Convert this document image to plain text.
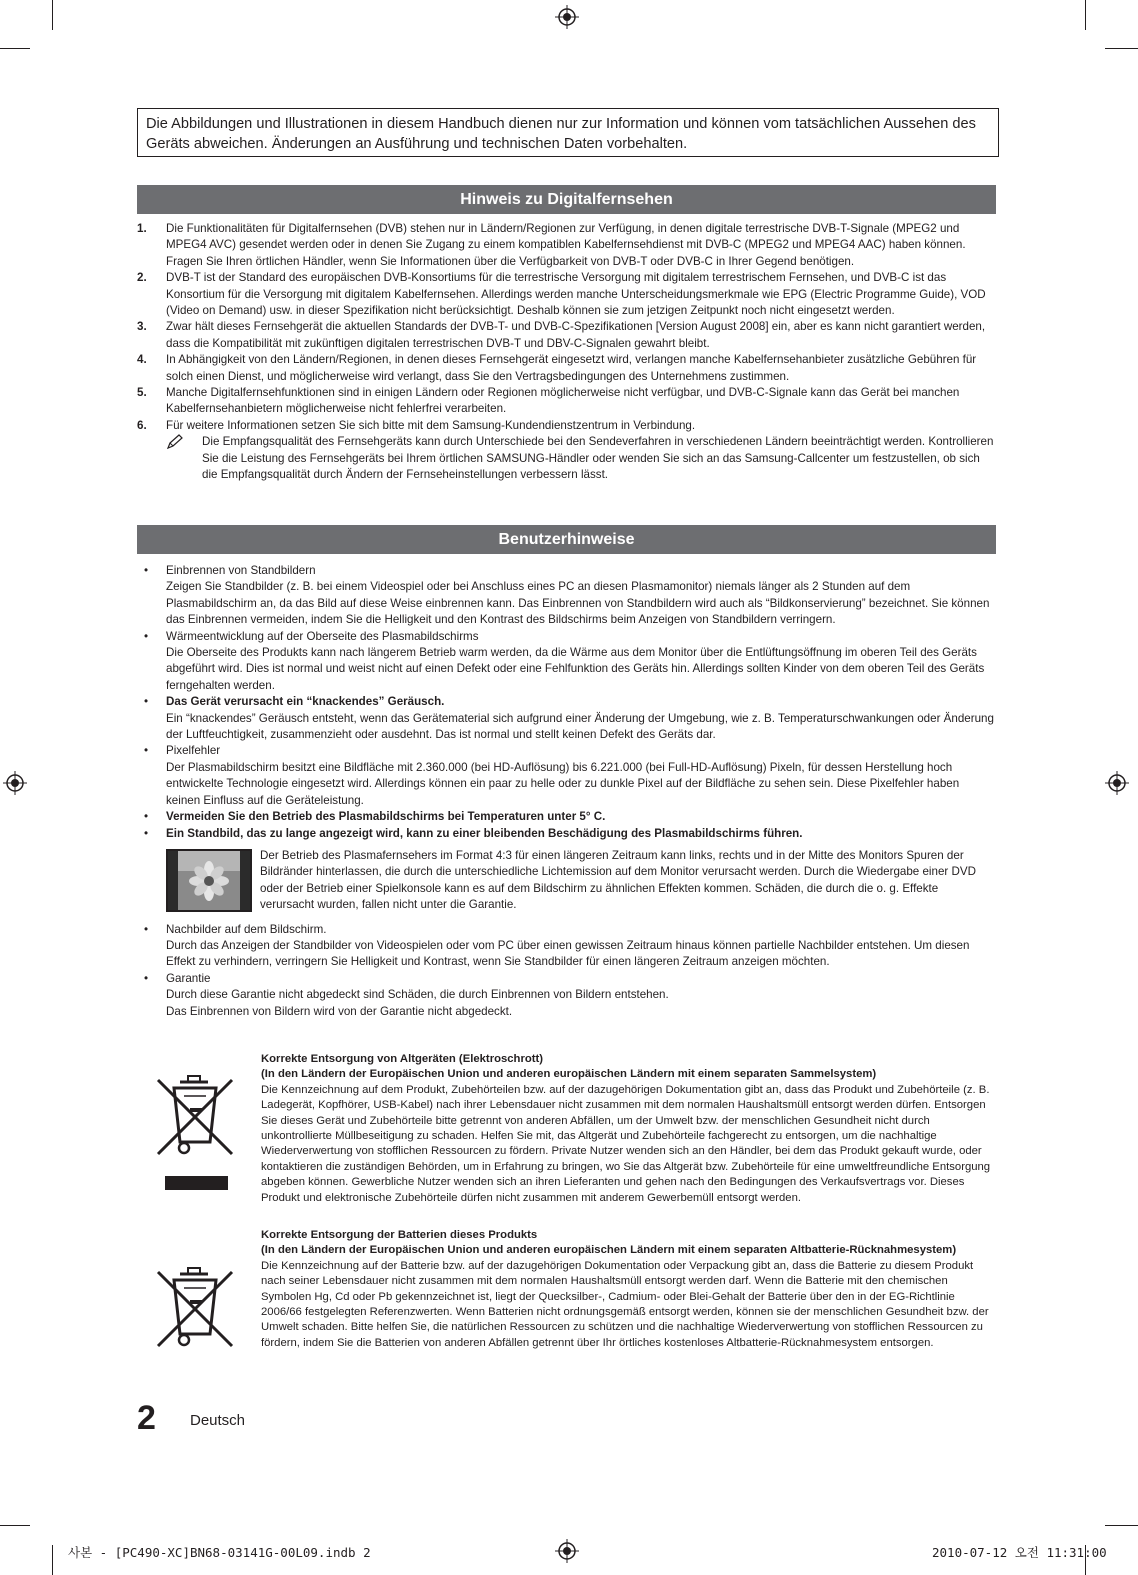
Die Abbildungen und Illustrationen in diesem Handbuch dienen nur zur Information und können vom tatsächlichen Aussehen des Geräts abweichen. Änderungen an Ausführung und technischen Daten vorbehalten.
Hinweis zu Digitalfernsehen
1.	Die Funktionalitäten für Digitalfernsehen (DVB) stehen nur in Ländern/Regionen zur Verfügung, in denen digitale terrestrische DVB-T-Signale (MPEG2 und MPEG4 AVC) gesendet werden oder in denen Sie Zugang zu einem kompatiblen Kabelfernsehdienst mit DVB-C (MPEG2 und MPEG4 AAC) haben können. Fragen Sie Ihren örtlichen Händler, wenn Sie Informationen über die Verfügbarkeit von DVB-T oder DVB-C in Ihrer Gegend benötigen.
2.	DVB-T ist der Standard des europäischen DVB-Konsortiums für die terrestrische Versorgung mit digitalem terrestrischem Fernsehen, und DVB-C ist das Konsortium für die Versorgung mit digitalem Kabelfernsehen. Allerdings werden manche Unterscheidungsmerkmale wie EPG (Electric Programme Guide), VOD (Video on Demand) usw. in dieser Spezifikation nicht berücksichtigt. Deshalb können sie zum jetzigen Zeitpunkt noch nicht eingesetzt werden.
3.	Zwar hält dieses Fernsehgerät die aktuellen Standards der DVB-T- und DVB-C-Spezifikationen [Version August 2008] ein, aber es kann nicht garantiert werden, dass die Kompatibilität mit zukünftigen digitalen terrestrischen DVB-T und DBV-C-Signalen gewahrt bleibt.
4.	In Abhängigkeit von den Ländern/Regionen, in denen dieses Fernsehgerät eingesetzt wird, verlangen manche Kabelfernsehanbieter zusätzliche Gebühren für solch einen Dienst, und möglicherweise wird verlangt, dass Sie den Vertragsbedingungen des Unternehmens zustimmen.
5.	Manche Digitalfernsehfunktionen sind in einigen Ländern oder Regionen möglicherweise nicht verfügbar, und DVB-C-Signale kann das Gerät bei manchen Kabelfernsehanbietern möglicherweise nicht fehlerfrei verarbeiten.
6.	Für weitere Informationen setzen Sie sich bitte mit dem Samsung-Kundendienstzentrum in Verbindung.
Die Empfangsqualität des Fernsehgeräts kann durch Unterschiede bei den Sendeverfahren in verschiedenen Ländern beeinträchtigt werden. Kontrollieren Sie die Leistung des Fernsehgeräts bei Ihrem örtlichen SAMSUNG-Händler oder wenden Sie sich an das Samsung-Callcenter um festzustellen, ob sich die Empfangsqualität durch Ändern der Fernseheinstellungen verbessern lässt.
Benutzerhinweise
•	Einbrennen von Standbildern
Zeigen Sie Standbilder (z. B. bei einem Videospiel oder bei Anschluss eines PC an diesen Plasmamonitor) niemals länger als 2 Stunden auf dem Plasmabildschirm an, da das Bild auf diese Weise einbrennen kann. Das Einbrennen von Standbildern wird auch als “Bildkonservierung” bezeichnet. Sie können das Einbrennen vermeiden, indem Sie die Helligkeit und den Kontrast des Bildschirms beim Anzeigen von Standbildern verringern.
•	Wärmeentwicklung auf der Oberseite des Plasmabildschirms
Die Oberseite des Produkts kann nach längerem Betrieb warm werden, da die Wärme aus dem Monitor über die Entlüftungsöffnung im oberen Teil des Geräts abgeführt wird. Dies ist normal und weist nicht auf einen Defekt oder eine Fehlfunktion des Geräts hin. Allerdings sollten Kinder von dem oberen Teil des Geräts ferngehalten werden.
•	Das Gerät verursacht ein “knackendes” Geräusch.
Ein “knackendes” Geräusch entsteht, wenn das Gerätematerial sich aufgrund einer Änderung der Umgebung, wie z. B. Temperaturschwankungen oder Änderung der Luftfeuchtigkeit, zusammenzieht oder ausdehnt. Das ist normal und stellt keinen Defekt des Geräts dar.
•	Pixelfehler
Der Plasmabildschirm besitzt eine Bildfläche mit 2.360.000 (bei HD-Auflösung) bis 6.221.000 (bei Full-HD-Auflösung) Pixeln, für dessen Herstellung hoch entwickelte Technologie eingesetzt wird. Allerdings können ein paar zu helle oder zu dunkle Pixel auf der Bildfläche zu sehen sein. Diese Pixelfehler haben keinen Einfluss auf die Geräteleistung.
•	Vermeiden Sie den Betrieb des Plasmabildschirms bei Temperaturen unter 5° C.
•	Ein Standbild, das zu lange angezeigt wird, kann zu einer bleibenden Beschädigung des Plasmabildschirms führen.
Der Betrieb des Plasmafernsehers im Format 4:3 für einen längeren Zeitraum kann links, rechts und in der Mitte des Monitors Spuren der Bildränder hinterlassen, die durch die unterschiedliche Lichtemission auf dem Monitor verursacht werden. Durch die Wiedergabe einer DVD oder der Betrieb einer Spielkonsole kann es auf dem Bildschirm zu ähnlichen Effekten kommen. Schäden, die durch die o. g. Effekte verursacht wurden, fallen nicht unter die Garantie.
•	Nachbilder auf dem Bildschirm.
Durch das Anzeigen der Standbilder von Videospielen oder vom PC über einen gewissen Zeitraum hinaus können partielle Nachbilder entstehen. Um diesen Effekt zu verhindern, verringern Sie Helligkeit und Kontrast, wenn Sie Standbilder für einen längeren Zeitraum anzeigen möchten.
•	Garantie
Durch diese Garantie nicht abgedeckt sind Schäden, die durch Einbrennen von Bildern entstehen.
Das Einbrennen von Bildern wird von der Garantie nicht abgedeckt.
Korrekte Entsorgung von Altgeräten (Elektroschrott)
(In den Ländern der Europäischen Union und anderen europäischen Ländern mit einem separaten Sammelsystem)
Die Kennzeichnung auf dem Produkt, Zubehörteilen bzw. auf der dazugehörigen Dokumentation gibt an, dass das Produkt und Zubehörteile (z. B. Ladegerät, Kopfhörer, USB-Kabel) nach ihrer Lebensdauer nicht zusammen mit dem normalen Haushaltsmüll entsorgt werden dürfen. Entsorgen Sie dieses Gerät und Zubehörteile bitte getrennt von anderen Abfällen, um der Umwelt bzw. der menschlichen Gesundheit nicht durch unkontrollierte Müllbeseitigung zu schaden. Helfen Sie mit, das Altgerät und Zubehörteile fachgerecht zu entsorgen, um die nachhaltige Wiederverwertung von stofflichen Ressourcen zu fördern. Private Nutzer wenden sich an den Händler, bei dem das Produkt gekauft wurde, oder kontaktieren die zuständigen Behörden, um in Erfahrung zu bringen, wo Sie das Altgerät bzw. Zubehörteile für eine umweltfreundliche Entsorgung abgeben können. Gewerbliche Nutzer wenden sich an ihren Lieferanten und gehen nach den Bedingungen des Verkaufsvertrags vor. Dieses Produkt und elektronische Zubehörteile dürfen nicht zusammen mit anderem Gewerbemüll entsorgt werden.
Korrekte Entsorgung der Batterien dieses Produkts
(In den Ländern der Europäischen Union und anderen europäischen Ländern mit einem separaten Altbatterie-Rücknahmesystem)
Die Kennzeichnung auf der Batterie bzw. auf der dazugehörigen Dokumentation oder Verpackung gibt an, dass die Batterie zu diesem Produkt nach seiner Lebensdauer nicht zusammen mit dem normalen Haushaltsmüll entsorgt werden darf. Wenn die Batterie mit den chemischen Symbolen Hg, Cd oder Pb gekennzeichnet ist, liegt der Quecksilber-, Cadmium- oder Blei-Gehalt der Batterie über den in der EG-Richtlinie 2006/66 festgelegten Referenzwerten. Wenn Batterien nicht ordnungsgemäß entsorgt werden, können sie der menschlichen Gesundheit bzw. der Umwelt schaden. Bitte helfen Sie, die natürlichen Ressourcen zu schützen und die nachhaltige Wiederverwertung von stofflichen Ressourcen zu fördern, indem Sie die Batterien von anderen Abfällen getrennt über Ihr örtliches kostenloses Altbatterie-Rücknahmesystem entsorgen.
2 Deutsch
사본 - [PC490-XC]BN68-03141G-00L09.indb 2	2010-07-12 오전 11:31:00
